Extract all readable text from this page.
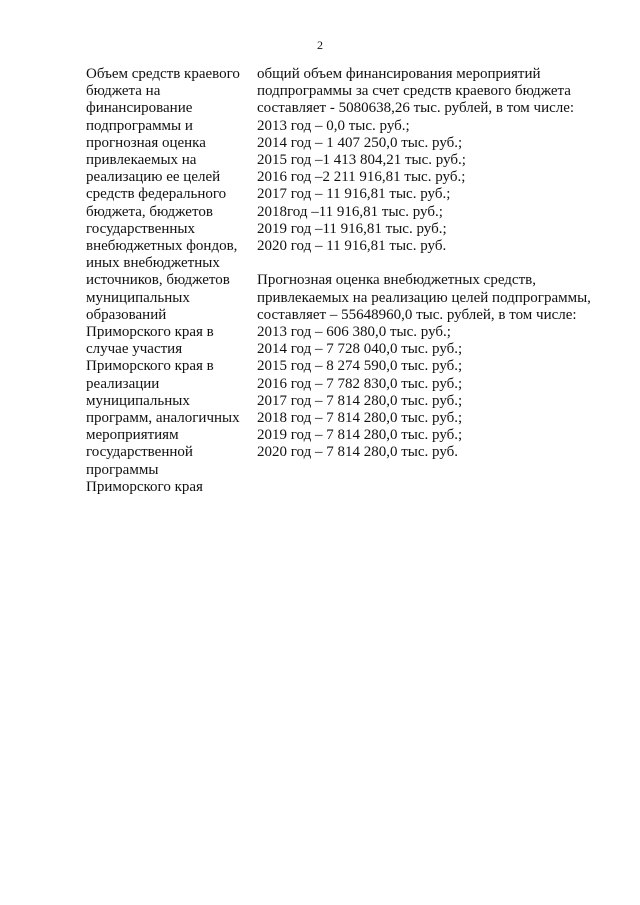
2
Объем средств краевого
бюджета на
финансирование
подпрограммы и
прогнозная оценка
привлекаемых на
реализацию ее целей
средств федерального
бюджета, бюджетов
государственных
внебюджетных фондов,
иных внебюджетных
источников, бюджетов
муниципальных
образований
Приморского края в
случае участия
Приморского края в
реализации
муниципальных
программ, аналогичных
мероприятиям
государственной
программы
Приморского края
общий объем финансирования мероприятий
подпрограммы за счет средств краевого бюджета
составляет - 5080638,26 тыс. рублей, в том числе:
2013 год – 0,0 тыс. руб.;
2014 год – 1 407 250,0 тыс. руб.;
2015 год –1 413 804,21 тыс. руб.;
2016 год –2 211 916,81 тыс. руб.;
2017 год – 11 916,81 тыс. руб.;
2018год –11 916,81 тыс. руб.;
2019 год –11 916,81 тыс. руб.;
2020 год – 11 916,81 тыс. руб.
Прогнозная оценка внебюджетных средств,
привлекаемых на реализацию целей подпрограммы,
составляет – 55648960,0 тыс. рублей, в том числе:
2013 год – 606 380,0 тыс. руб.;
2014 год – 7 728 040,0 тыс. руб.;
2015 год – 8 274 590,0 тыс. руб.;
2016 год – 7 782 830,0 тыс. руб.;
2017 год – 7 814 280,0 тыс. руб.;
2018 год – 7 814 280,0 тыс. руб.;
2019 год – 7 814 280,0 тыс. руб.;
2020 год – 7 814 280,0 тыс. руб.
